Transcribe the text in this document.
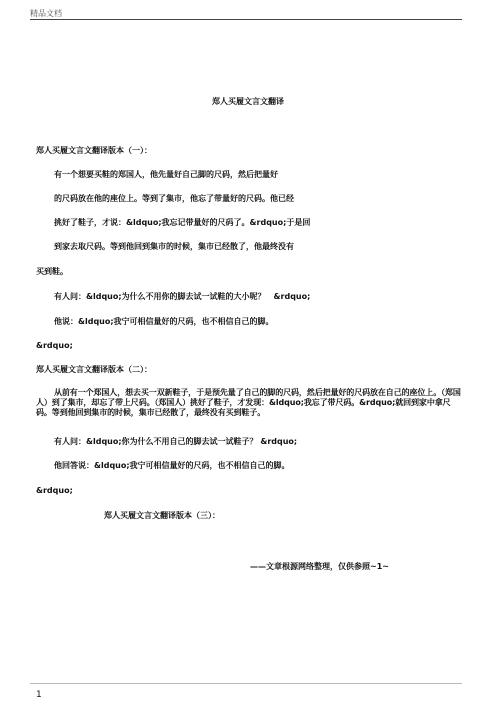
精品文档
郑人买履文言文翻译
郑人买履文言文翻译版本（一）：
有一个想要买鞋的郑国人，他先量好自己脚的尺码，然后把量好
的尺码放在他的座位上。等到了集市，他忘了带量好的尺码。他已经
挑好了鞋子，才说：&ldquo;我忘记带量好的尺码了。&rdquo;于是回
到家去取尺码。等到他回到集市的时候，集市已经散了，他最终没有
买到鞋。
有人问：&ldquo;为什么不用你的脚去试一试鞋的大小呢？　&rdquo;
他说：&ldquo;我宁可相信量好的尺码，也不相信自己的脚。
&rdquo;
郑人买履文言文翻译版本（二）：
从前有一个郑国人，想去买一双新鞋子，于是预先量了自己的脚的尺码，然后把量好的尺码放在自己的座位上。（郑国人）到了集市，却忘了带上尺码。（郑国人）挑好了鞋子，才发现：&ldquo;我忘了带尺码。&rdquo;就回到家中拿尺码。等到他回到集市的时候，集市已经散了，最终没有买到鞋子。
有人问：&ldquo;你为什么不用自己的脚去试一试鞋子？ &rdquo;
他回答说：&ldquo;我宁可相信量好的尺码，也不相信自己的脚。
&rdquo;
郑人买履文言文翻译版本（三）：
——文章根源网络整理，仅供参照~1~
1
